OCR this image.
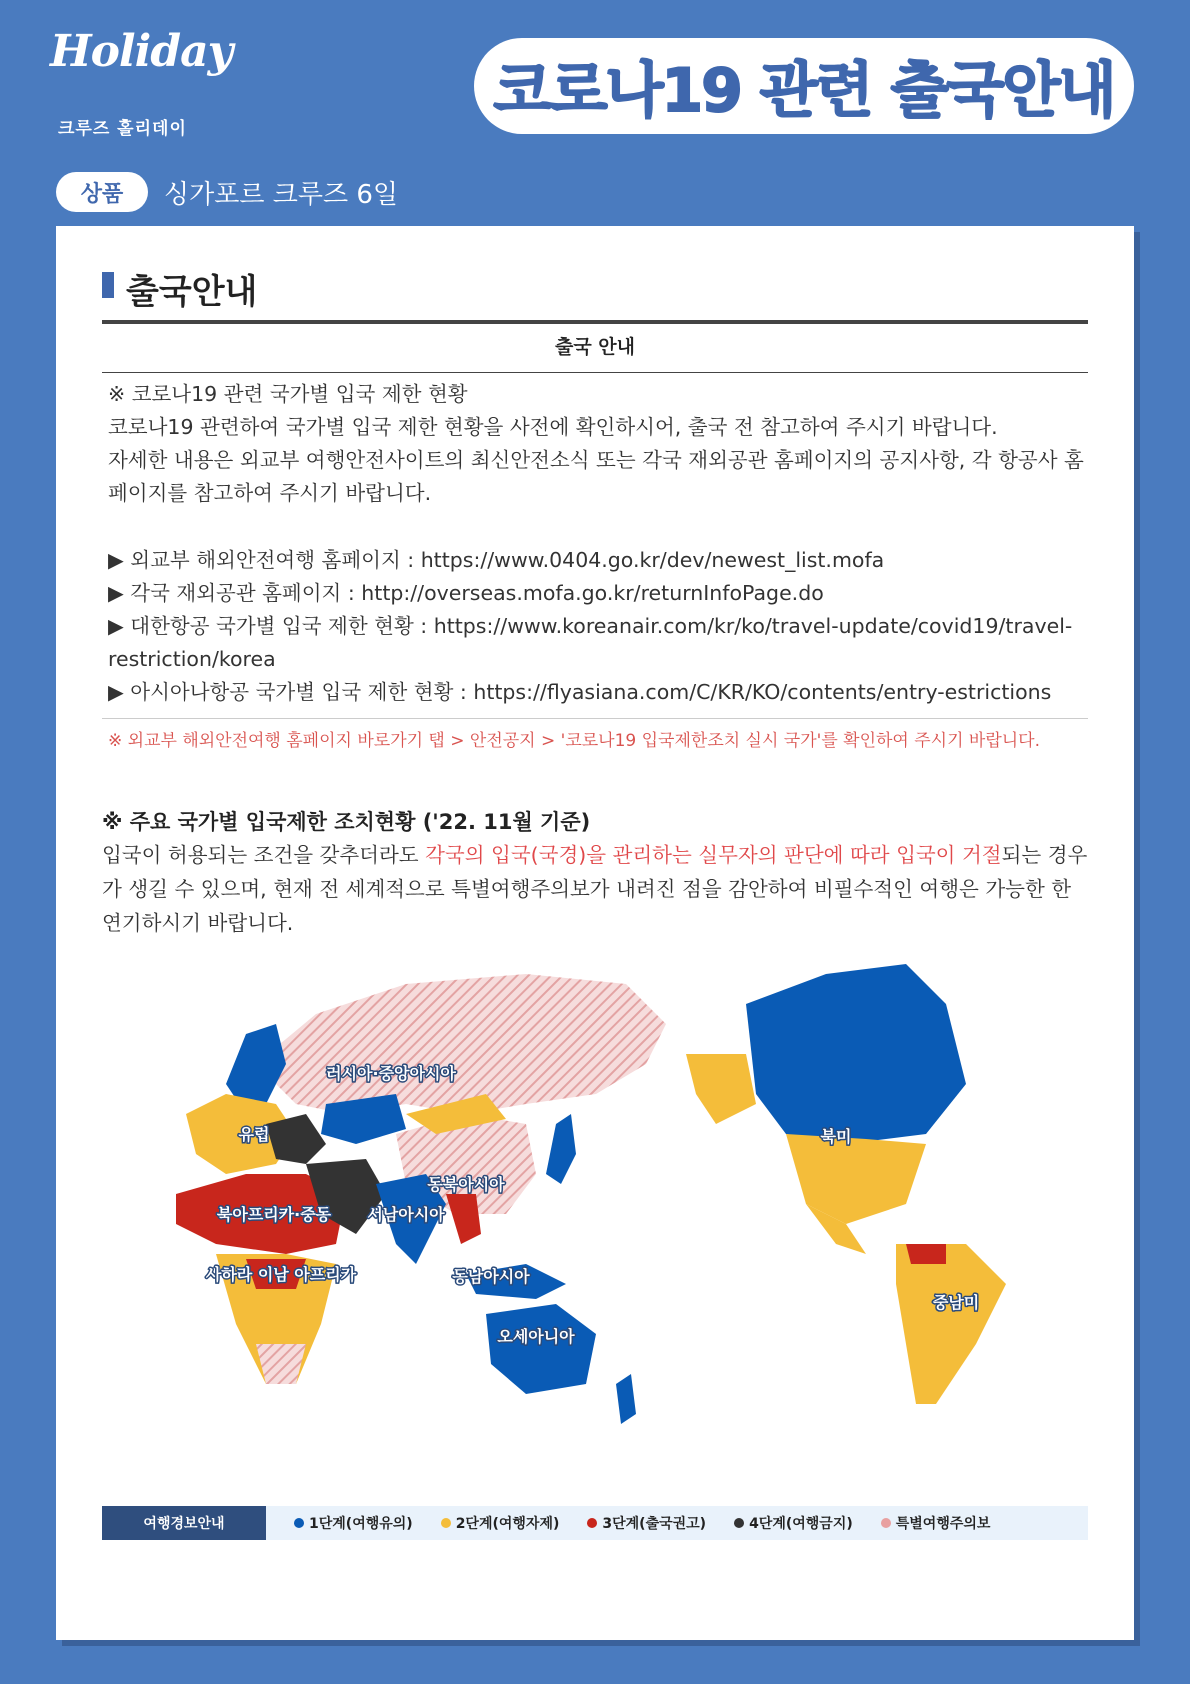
Holiday
크루즈 홀리데이
코로나19 관련 출국안내
상품	싱가포르 크루즈 6일
출국안내
출국 안내
※ 코로나19 관련 국가별 입국 제한 현황
코로나19 관련하여 국가별 입국 제한 현황을 사전에 확인하시어, 출국 전 참고하여 주시기 바랍니다.
자세한 내용은 외교부 여행안전사이트의 최신안전소식 또는 각국 재외공관 홈페이지의 공지사항, 각 항공사 홈페이지를 참고하여 주시기 바랍니다.
▶ 외교부 해외안전여행 홈페이지 : https://www.0404.go.kr/dev/newest_list.mofa
▶ 각국 재외공관 홈페이지 : http://overseas.mofa.go.kr/returnInfoPage.do
▶ 대한항공 국가별 입국 제한 현황 : https://www.koreanair.com/kr/ko/travel-update/covid19/travel-restriction/korea
▶ 아시아나항공 국가별 입국 제한 현황 : https://flyasiana.com/C/KR/KO/contents/entry-estrictions
※ 외교부 해외안전여행 홈페이지 바로가기 탭 > 안전공지 > '코로나19 입국제한조치 실시 국가'를 확인하여 주시기 바랍니다.
※ 주요 국가별 입국제한 조치현황 ('22. 11월 기준)
입국이 허용되는 조건을 갖추더라도 각국의 입국(국경)을 관리하는 실무자의 판단에 따라 입국이 거절되는 경우가 생길 수 있으며, 현재 전 세계적으로 특별여행주의보가 내려진 점을 감안하여 비필수적인 여행은 가능한 한 연기하시기 바랍니다.
러시아·중앙아시아
유럽
동북아시아
북아프리카·중동 서남아시아
사하라 이남 아프리카	동남아시아
오세아니아
북미
중남미
여행경보안내	1단계(여행유의)	2단계(여행자제)	3단계(출국권고)	4단계(여행금지)	특별여행주의보
